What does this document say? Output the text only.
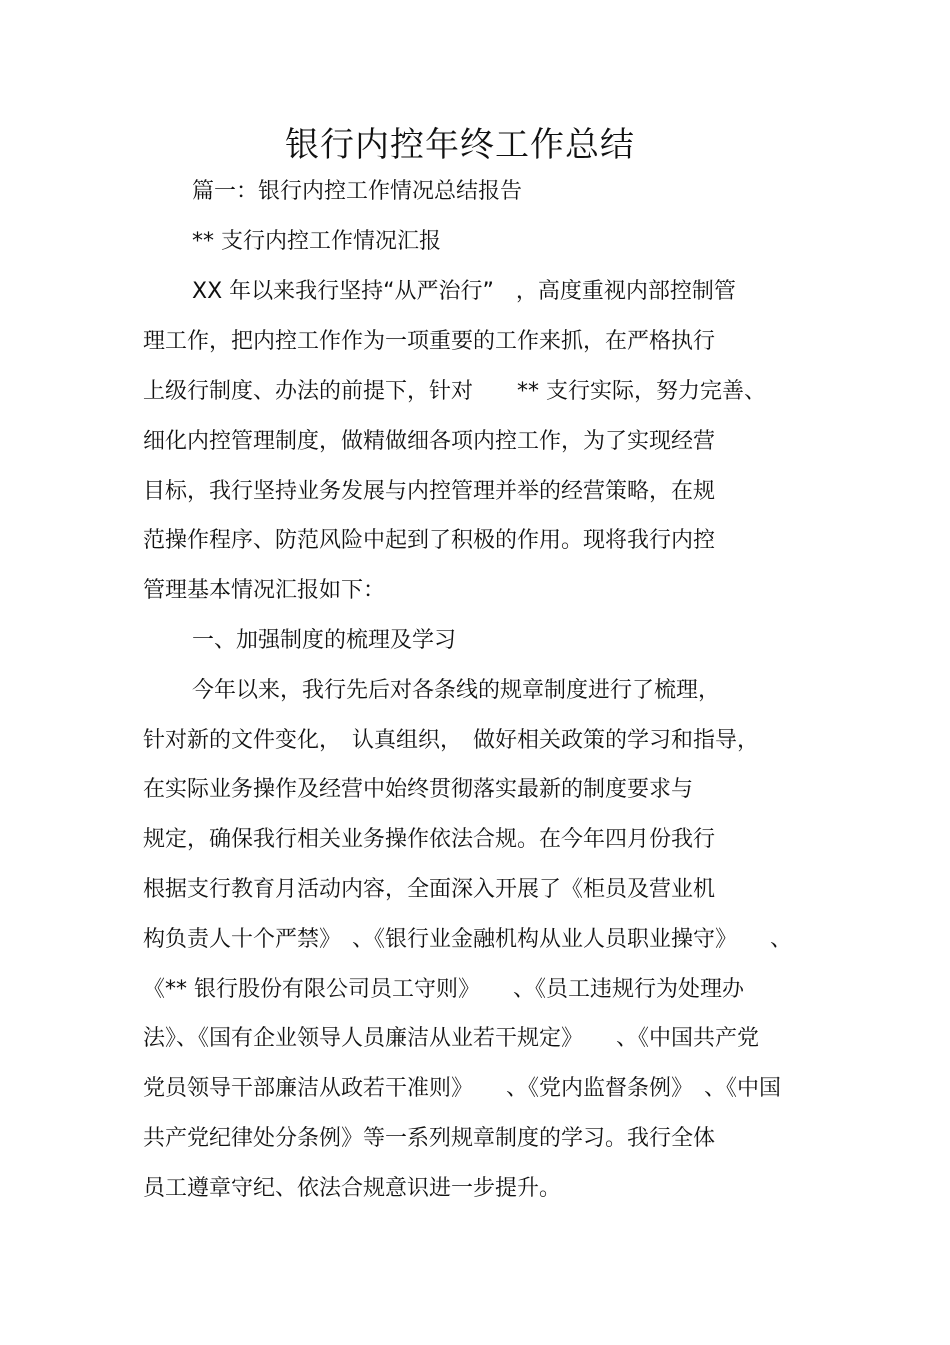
银行内控年终工作总结
篇一：银行内控工作情况总结报告
** 支行内控工作情况汇报
XX 年以来我行坚持“从严治行”　，高度重视内部控制管
理工作，把内控工作作为一项重要的工作来抓，在严格执行
上级行制度、办法的前提下，针对　　** 支行实际，努力完善、
细化内控管理制度，做精做细各项内控工作，为了实现经营
目标，我行坚持业务发展与内控管理并举的经营策略，在规
范操作程序、防范风险中起到了积极的作用。现将我行内控
管理基本情况汇报如下：
一、加强制度的梳理及学习
今年以来，我行先后对各条线的规章制度进行了梳理，
针对新的文件变化，　认真组织，　做好相关政策的学习和指导，
在实际业务操作及经营中始终贯彻落实最新的制度要求与
规定，确保我行相关业务操作依法合规。在今年四月份我行
根据支行教育月活动内容，全面深入开展了《柜员及营业机
构负责人十个严禁》　、《银行业金融机构从业人员职业操守》　　、
《** 银行股份有限公司员工守则》　　、《员工违规行为处理办
法》、《国有企业领导人员廉洁从业若干规定》　　、《中国共产党
党员领导干部廉洁从政若干准则》　　、《党内监督条例》　、《中国
共产党纪律处分条例》等一系列规章制度的学习。我行全体
员工遵章守纪、依法合规意识进一步提升。
